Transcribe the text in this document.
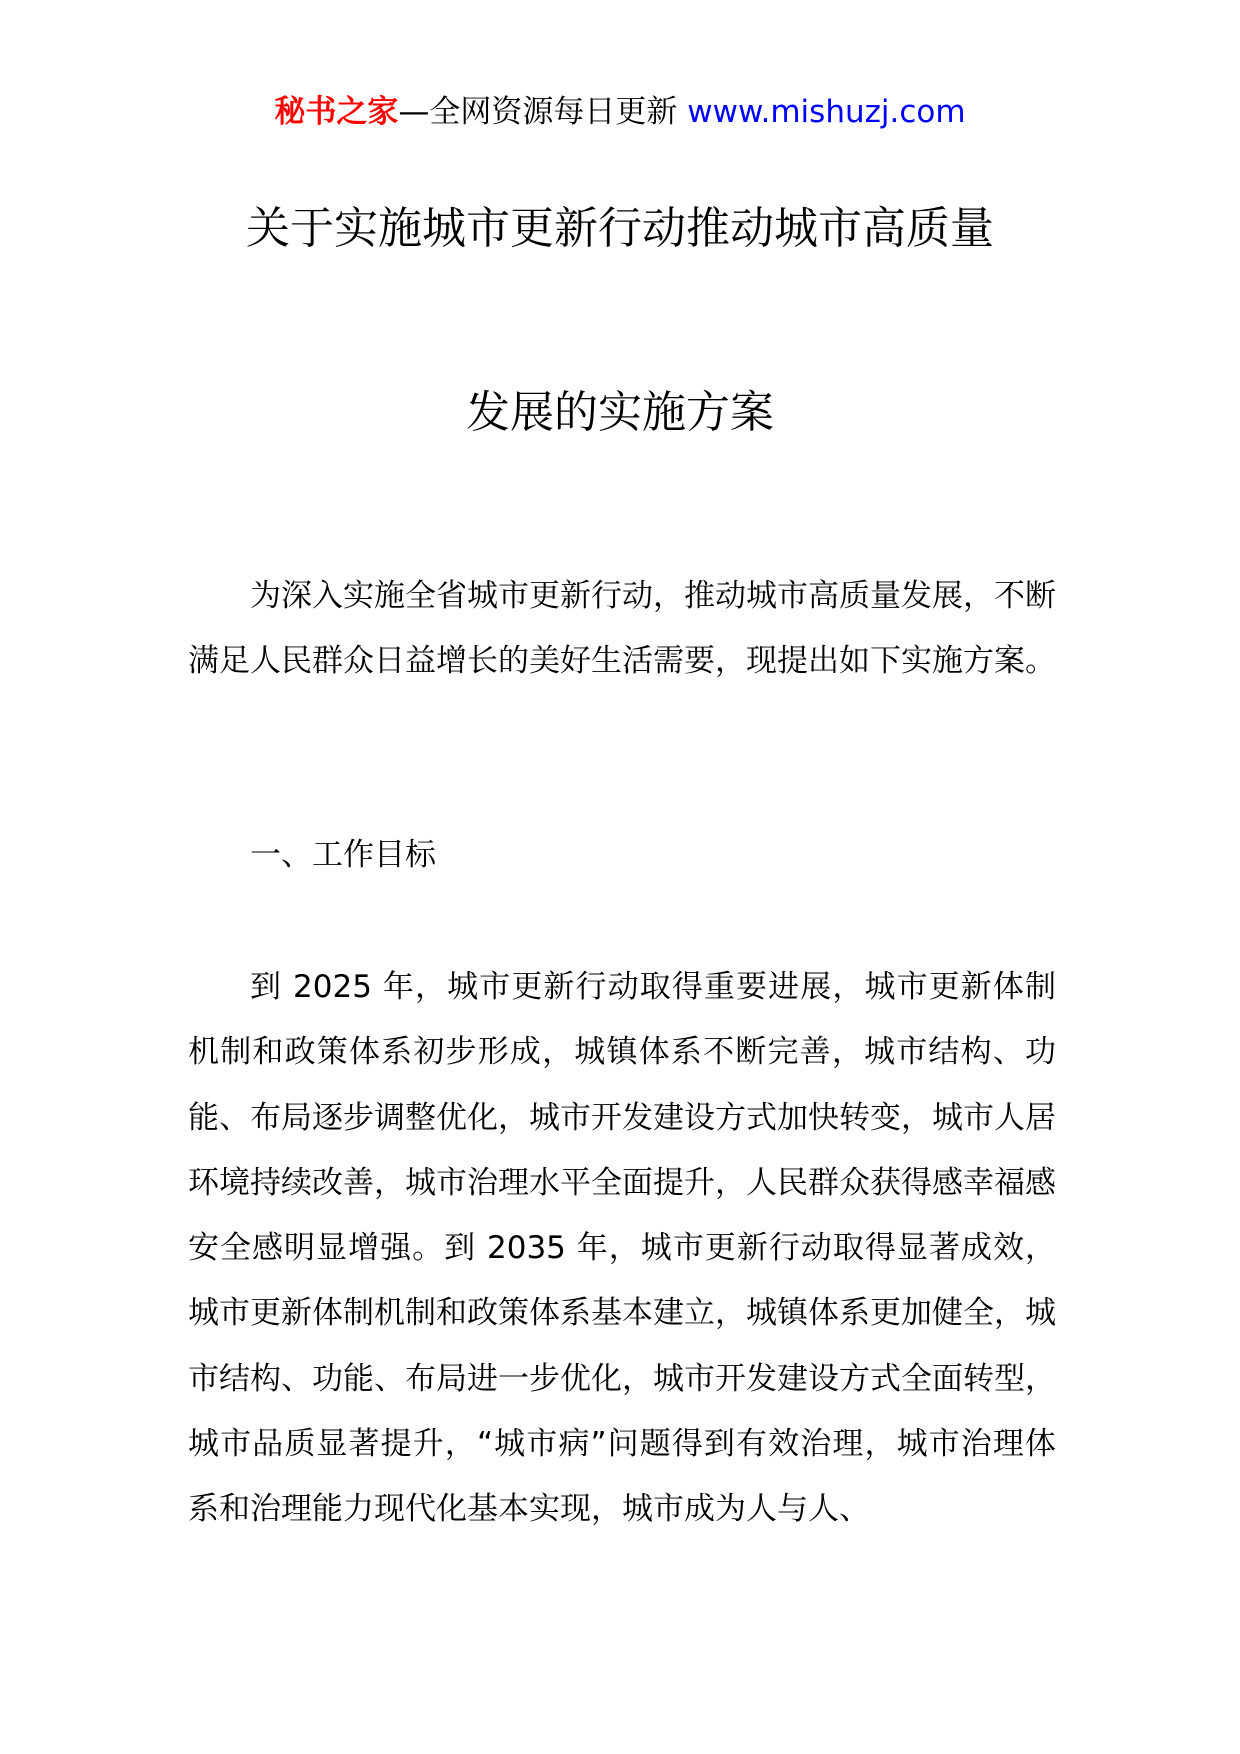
秘书之家—全网资源每日更新 www.mishuzj.com
关于实施城市更新行动推动城市高质量
发展的实施方案

为深入实施全省城市更新行动，推动城市高质量发展，不断满足人民群众日益增长的美好生活需要，现提出如下实施方案。

一、工作目标

到 2025 年，城市更新行动取得重要进展，城市更新体制机制和政策体系初步形成，城镇体系不断完善，城市结构、功能、布局逐步调整优化，城市开发建设方式加快转变，城市人居环境持续改善，城市治理水平全面提升，人民群众获得感幸福感安全感明显增强。到 2035 年，城市更新行动取得显著成效，城市更新体制机制和政策体系基本建立，城镇体系更加健全，城市结构、功能、布局进一步优化，城市开发建设方式全面转型，城市品质显著提升，“城市病”问题得到有效治理，城市治理体系和治理能力现代化基本实现，城市成为人与人、
